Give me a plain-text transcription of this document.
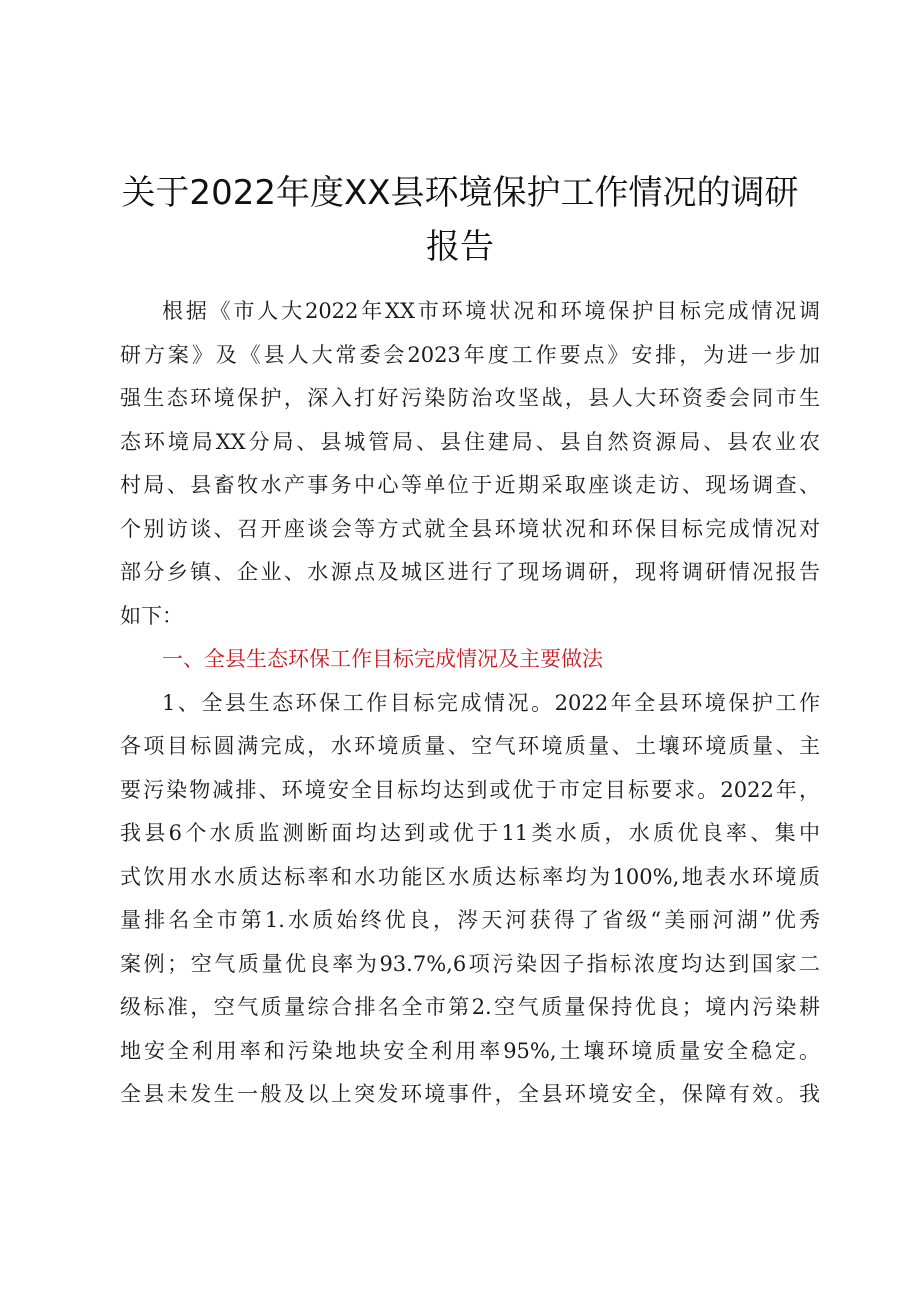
关于2022年度XX县环境保护工作情况的调研
报告
根据《市人大2022年XX市环境状况和环境保护目标完成情况调
研方案》及《县人大常委会2023年度工作要点》安排，为进一步加
强生态环境保护，深入打好污染防治攻坚战，县人大环资委会同市生
态环境局XX分局、县城管局、县住建局、县自然资源局、县农业农
村局、县畜牧水产事务中心等单位于近期采取座谈走访、现场调查、
个别访谈、召开座谈会等方式就全县环境状况和环保目标完成情况对
部分乡镇、企业、水源点及城区进行了现场调研，现将调研情况报告
如下：
一、全县生态环保工作目标完成情况及主要做法
1、全县生态环保工作目标完成情况。2022年全县环境保护工作
各项目标圆满完成，水环境质量、空气环境质量、土壤环境质量、主
要污染物减排、环境安全目标均达到或优于市定目标要求。2022年，
我县6个水质监测断面均达到或优于11类水质，水质优良率、集中
式饮用水水质达标率和水功能区水质达标率均为100%,地表水环境质
量排名全市第1.水质始终优良，涔天河获得了省级“美丽河湖”优秀
案例；空气质量优良率为93.7%,6项污染因子指标浓度均达到国家二
级标准，空气质量综合排名全市第2.空气质量保持优良；境内污染耕
地安全利用率和污染地块安全利用率95%,土壤环境质量安全稳定。
全县未发生一般及以上突发环境事件，全县环境安全，保障有效。我
